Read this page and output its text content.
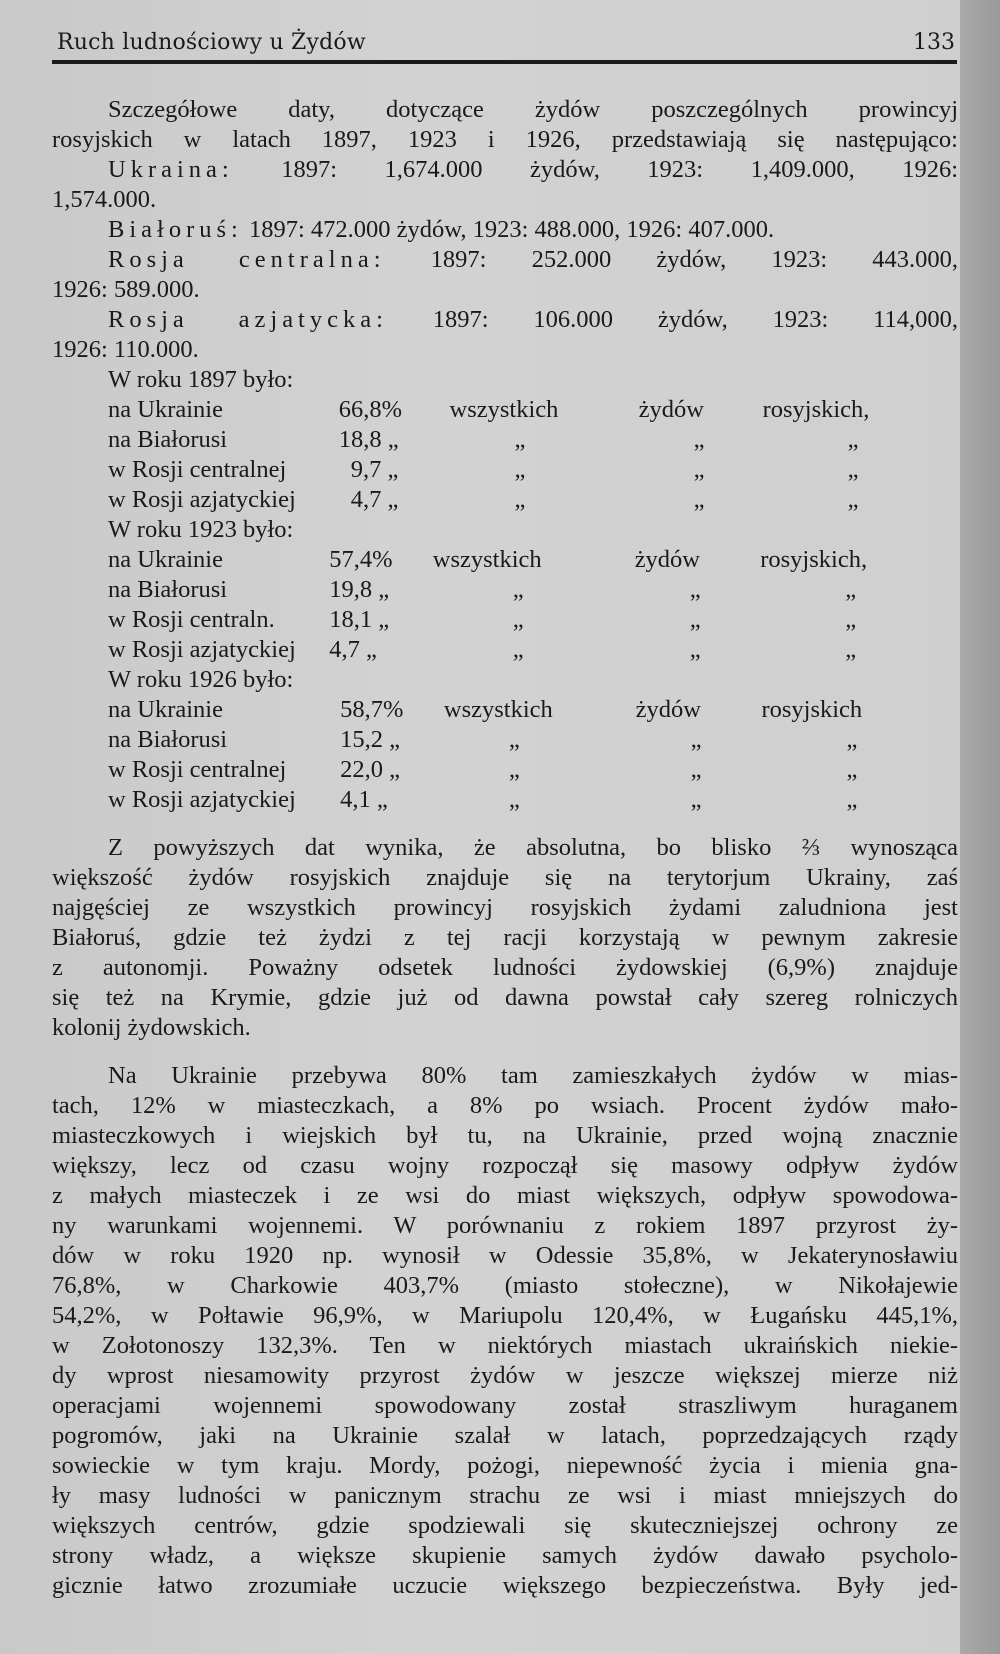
Ruch ludnościowy u Żydów	133

Szczegółowe daty, dotyczące żydów poszczególnych prowincyj

rosyjskich w latach 1897, 1923 i 1926, przedstawiają się następująco:

Ukraina: 1897: 1,674.000 żydów, 1923: 1,409.000, 1926:

1,574.000.

Białoruś: 1897: 472.000 żydów, 1923: 488.000, 1926: 407.000.

Rosja centralna: 1897: 252.000 żydów, 1923: 443.000,

1926: 589.000.

Rosja azjatycka: 1897: 106.000 żydów, 1923: 114,000,

1926: 110.000.

W roku 1897 było:
na Ukrainie	66,8%	wszystkich	żydów	rosyjskich,
na Białorusi	18,8 „	„	„	„
w Rosji centralnej	9,7 „	„	„	„
w Rosji azjatyckiej	4,7 „	„	„	„
W roku 1923 było:
na Ukrainie	57,4%	wszystkich	żydów	rosyjskich,
na Białorusi	19,8 „	„	„	„
w Rosji centraln.	18,1 „	„	„	„
w Rosji azjatyckiej	4,7 „	„	„	„
W roku 1926 było:
na Ukrainie	58,7%	wszystkich	żydów	rosyjskich
na Białorusi	15,2 „	„	„	„
w Rosji centralnej	22,0 „	„	„	„
w Rosji azjatyckiej	4,1 „	„	„	„

Z powyższych dat wynika, że absolutna, bo blisko ⅔ wynosząca

większość żydów rosyjskich znajduje się na terytorjum Ukrainy, zaś

najgęściej ze wszystkich prowincyj rosyjskich żydami zaludniona jest

Białoruś, gdzie też żydzi z tej racji korzystają w pewnym zakresie

z autonomji. Poważny odsetek ludności żydowskiej (6,9%) znajduje

się też na Krymie, gdzie już od dawna powstał cały szereg rolniczych

kolonij żydowskich.

Na Ukrainie przebywa 80% tam zamieszkałych żydów w mias-

tach, 12% w miasteczkach, a 8% po wsiach. Procent żydów mało-

miasteczkowych i wiejskich był tu, na Ukrainie, przed wojną znacznie

większy, lecz od czasu wojny rozpoczął się masowy odpływ żydów

z małych miasteczek i ze wsi do miast większych, odpływ spowodowa-

ny warunkami wojennemi. W porównaniu z rokiem 1897 przyrost ży-

dów w roku 1920 np. wynosił w Odessie 35,8%, w Jekaterynosławiu

76,8%, w Charkowie 403,7% (miasto stołeczne), w Nikołajewie

54,2%, w Połtawie 96,9%, w Mariupolu 120,4%, w Ługańsku 445,1%,

w Zołotonoszy 132,3%. Ten w niektórych miastach ukraińskich niekie-

dy wprost niesamowity przyrost żydów w jeszcze większej mierze niż

operacjami wojennemi spowodowany został straszliwym huraganem

pogromów, jaki na Ukrainie szalał w latach, poprzedzających rządy

sowieckie w tym kraju. Mordy, pożogi, niepewność życia i mienia gna-

ły masy ludności w panicznym strachu ze wsi i miast mniejszych do

większych centrów, gdzie spodziewali się skuteczniejszej ochrony ze

strony władz, a większe skupienie samych żydów dawało psycholo-

gicznie łatwo zrozumiałe uczucie większego bezpieczeństwa. Były jed-
